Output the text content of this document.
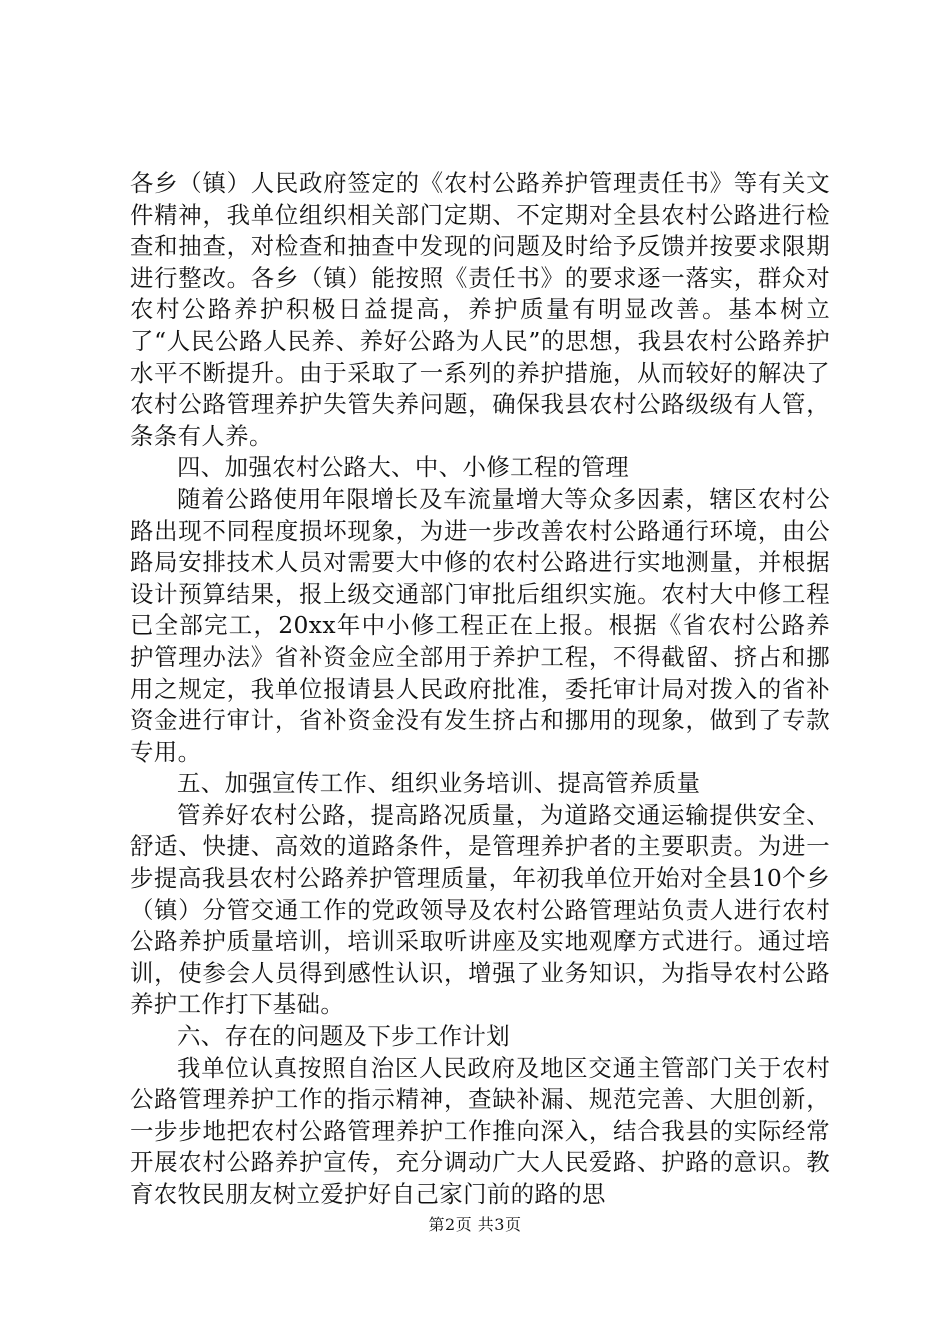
各乡（镇）人民政府签定的《农村公路养护管理责任书》等有关文件精神，我单位组织相关部门定期、不定期对全县农村公路进行检查和抽查，对检查和抽查中发现的问题及时给予反馈并按要求限期进行整改。各乡（镇）能按照《责任书》的要求逐一落实，群众对农村公路养护积极日益提高，养护质量有明显改善。基本树立了“人民公路人民养、养好公路为人民”的思想，我县农村公路养护水平不断提升。由于采取了一系列的养护措施，从而较好的解决了农村公路管理养护失管失养问题，确保我县农村公路级级有人管，条条有人养。

四、加强农村公路大、中、小修工程的管理

随着公路使用年限增长及车流量增大等众多因素，辖区农村公路出现不同程度损坏现象，为进一步改善农村公路通行环境，由公路局安排技术人员对需要大中修的农村公路进行实地测量，并根据设计预算结果，报上级交通部门审批后组织实施。农村大中修工程已全部完工，20xx年中小修工程正在上报。根据《省农村公路养护管理办法》省补资金应全部用于养护工程，不得截留、挤占和挪用之规定，我单位报请县人民政府批准，委托审计局对拨入的省补资金进行审计，省补资金没有发生挤占和挪用的现象，做到了专款专用。

五、加强宣传工作、组织业务培训、提高管养质量

管养好农村公路，提高路况质量，为道路交通运输提供安全、舒适、快捷、高效的道路条件，是管理养护者的主要职责。为进一步提高我县农村公路养护管理质量，年初我单位开始对全县10个乡（镇）分管交通工作的党政领导及农村公路管理站负责人进行农村公路养护质量培训，培训采取听讲座及实地观摩方式进行。通过培训，使参会人员得到感性认识，增强了业务知识，为指导农村公路养护工作打下基础。

六、存在的问题及下步工作计划

我单位认真按照自治区人民政府及地区交通主管部门关于农村公路管理养护工作的指示精神，查缺补漏、规范完善、大胆创新，一步步地把农村公路管理养护工作推向深入，结合我县的实际经常开展农村公路养护宣传，充分调动广大人民爱路、护路的意识。教育农牧民朋友树立爱护好自己家门前的路的思

第2页 共3页
